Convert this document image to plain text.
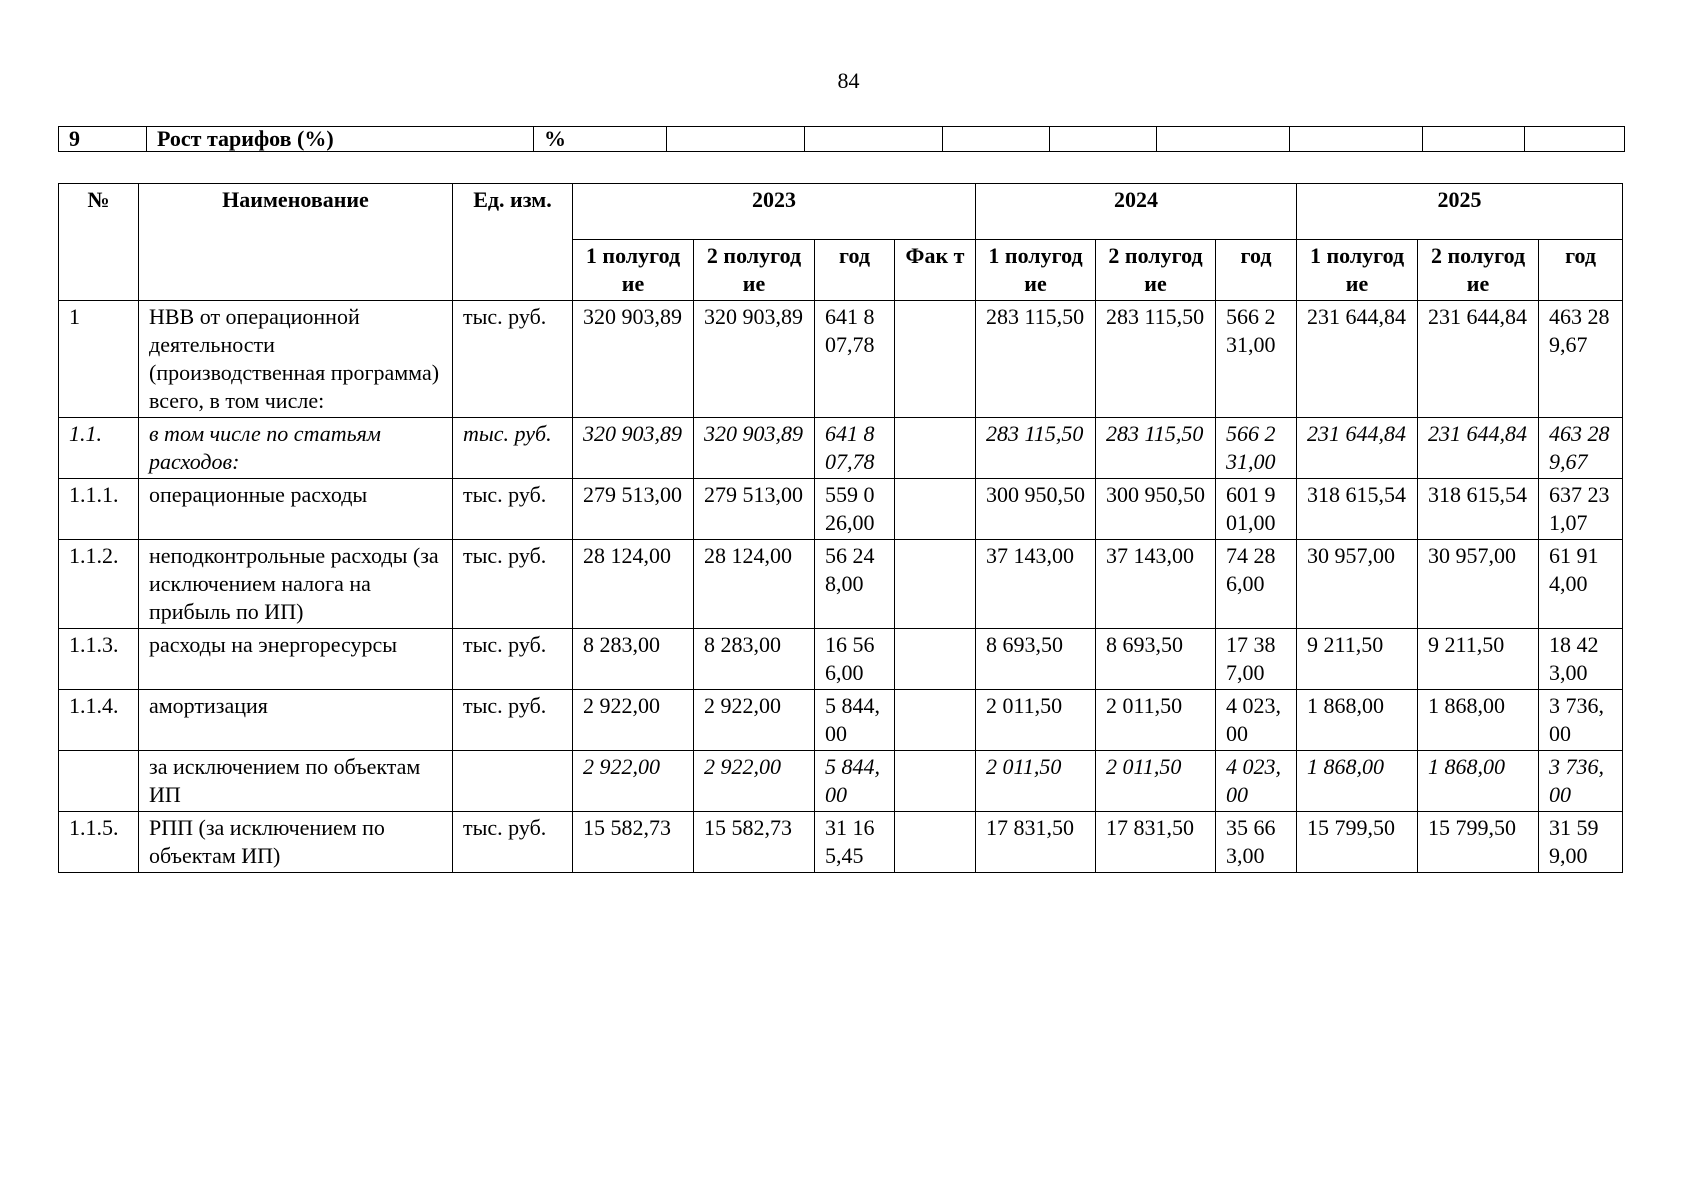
84
9	Рост тарифов (%)	%								
№	Наименование	Ед. изм.	2023				2024			2025		
			1 полугод ие	2 полугод ие	год	Фак т	1 полугод ие	2 полугод ие	год	1 полугод ие	2 полугод ие	год
1	НВВ от операционной деятельности (производственная программа) всего, в том числе:	тыс. руб.	320 903,89	320 903,89	641 807,78		283 115,50	283 115,50	566 231,00	231 644,84	231 644,84	463 289,67
1.1.	в том числе по статьям расходов:	тыс. руб.	320 903,89	320 903,89	641 807,78		283 115,50	283 115,50	566 231,00	231 644,84	231 644,84	463 289,67
1.1.1.	операционные расходы	тыс. руб.	279 513,00	279 513,00	559 026,00		300 950,50	300 950,50	601 901,00	318 615,54	318 615,54	637 231,07
1.1.2.	неподконтрольные расходы (за исключением налога на прибыль по ИП)	тыс. руб.	28 124,00	28 124,00	56 248,00		37 143,00	37 143,00	74 286,00	30 957,00	30 957,00	61 914,00
1.1.3.	расходы на энергоресурсы	тыс. руб.	8 283,00	8 283,00	16 566,00		8 693,50	8 693,50	17 387,00	9 211,50	9 211,50	18 423,00
1.1.4.	амортизация	тыс. руб.	2 922,00	2 922,00	5 844,00		2 011,50	2 011,50	4 023,00	1 868,00	1 868,00	3 736,00
	за исключением по объектам ИП		2 922,00	2 922,00	5 844,00		2 011,50	2 011,50	4 023,00	1 868,00	1 868,00	3 736,00
1.1.5.	РПП (за исключением по объектам ИП)	тыс. руб.	15 582,73	15 582,73	31 165,45		17 831,50	17 831,50	35 663,00	15 799,50	15 799,50	31 599,00
